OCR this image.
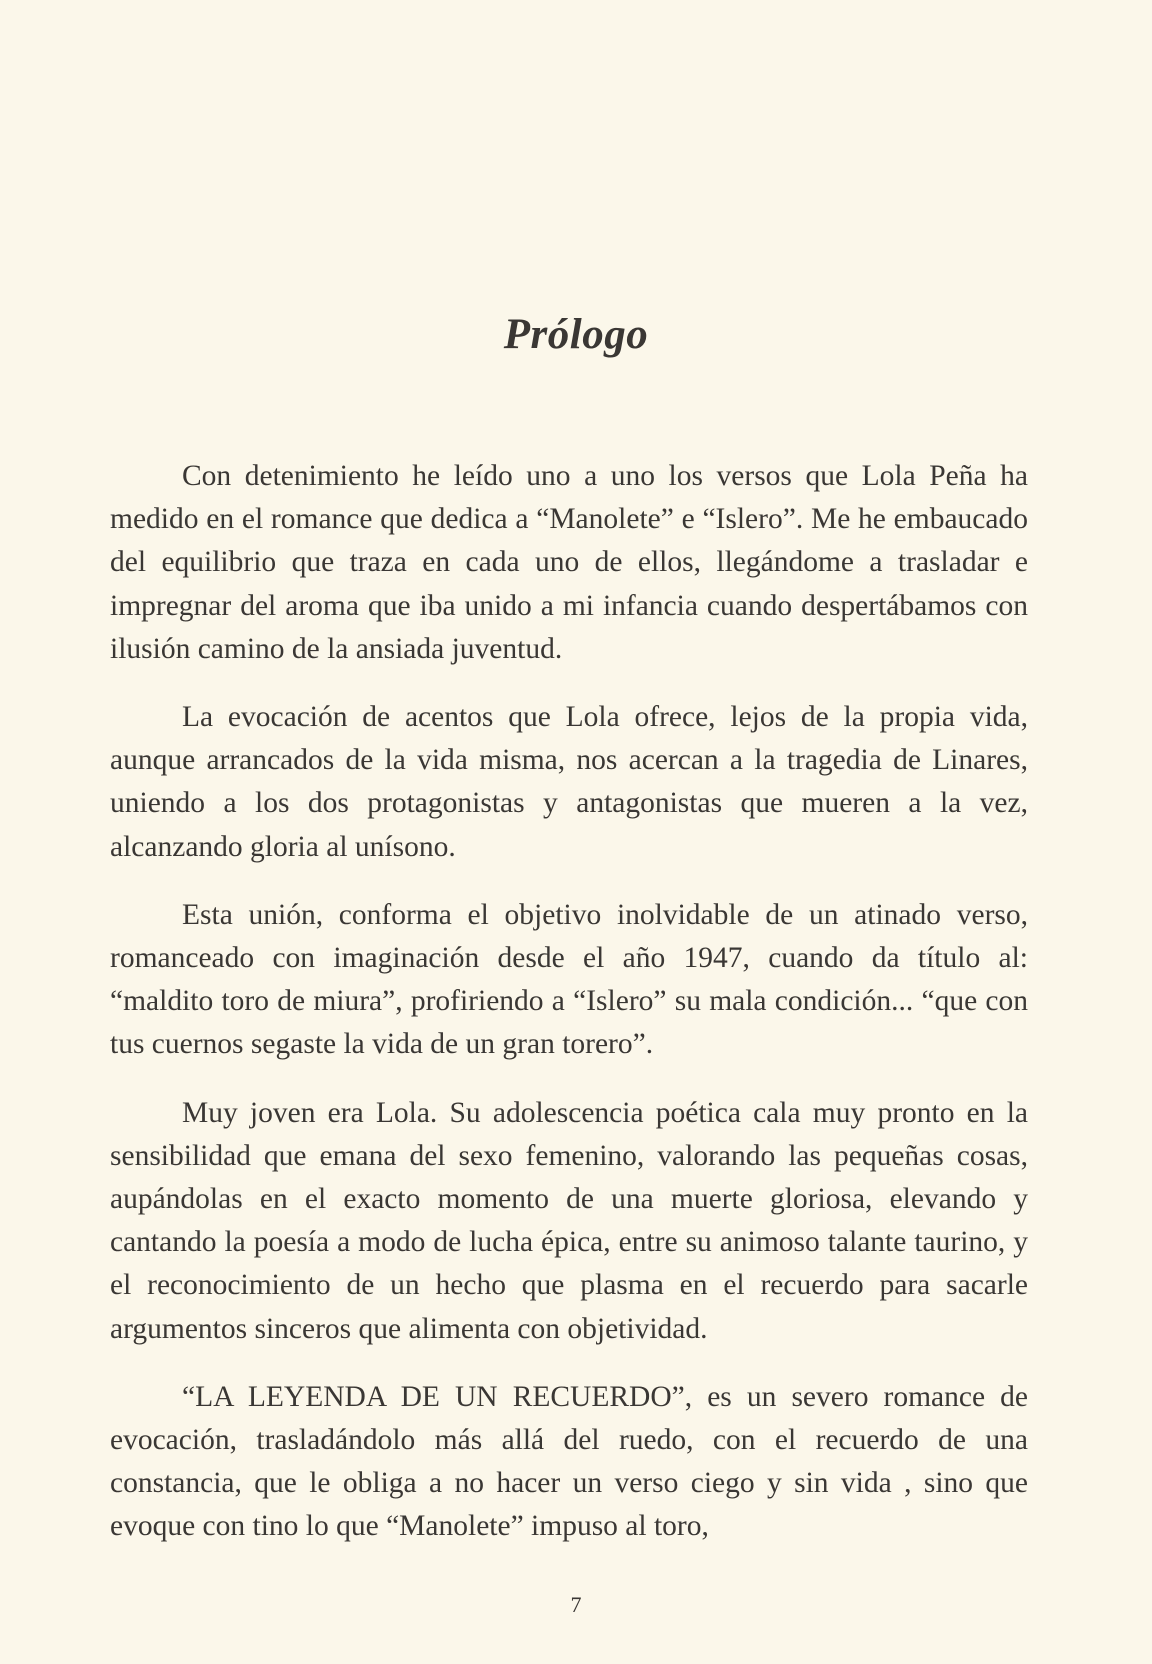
Prólogo

Con detenimiento he leído uno a uno los versos que Lola Peña ha medido en el romance que dedica a “Manolete” e “Islero”. Me he embaucado del equilibrio que traza en cada uno de ellos, llegándome a trasladar e impregnar del aroma que iba unido a mi infancia cuando despertábamos con ilusión camino de la ansiada juventud.

La evocación de acentos que Lola ofrece, lejos de la propia vida, aunque arrancados de la vida misma, nos acercan a la tragedia de Linares, uniendo a los dos protagonistas y antagonistas que mueren a la vez, alcanzando gloria al unísono.

Esta unión, conforma el objetivo inolvidable de un atinado verso, romanceado con imaginación desde el año 1947, cuando da título al: “maldito toro de miura”, profiriendo a “Islero” su mala condición... “que con tus cuernos segaste la vida de un gran torero”.

Muy joven era Lola. Su adolescencia poética cala muy pronto en la sensibilidad que emana del sexo femenino, valorando las pequeñas cosas, aupándolas en el exacto momento de una muerte gloriosa, elevando y cantando la poesía a modo de lucha épica, entre su animoso talante taurino, y el reconocimiento de un hecho que plasma en el recuerdo para sacarle argumentos sinceros que alimenta con objetividad.

“LA LEYENDA DE UN RECUERDO”, es un severo romance de evocación, trasladándolo más allá del ruedo, con el recuerdo de una constancia, que le obliga a no hacer un verso ciego y sin vida , sino que evoque con tino lo que “Manolete” impuso al toro,

7
